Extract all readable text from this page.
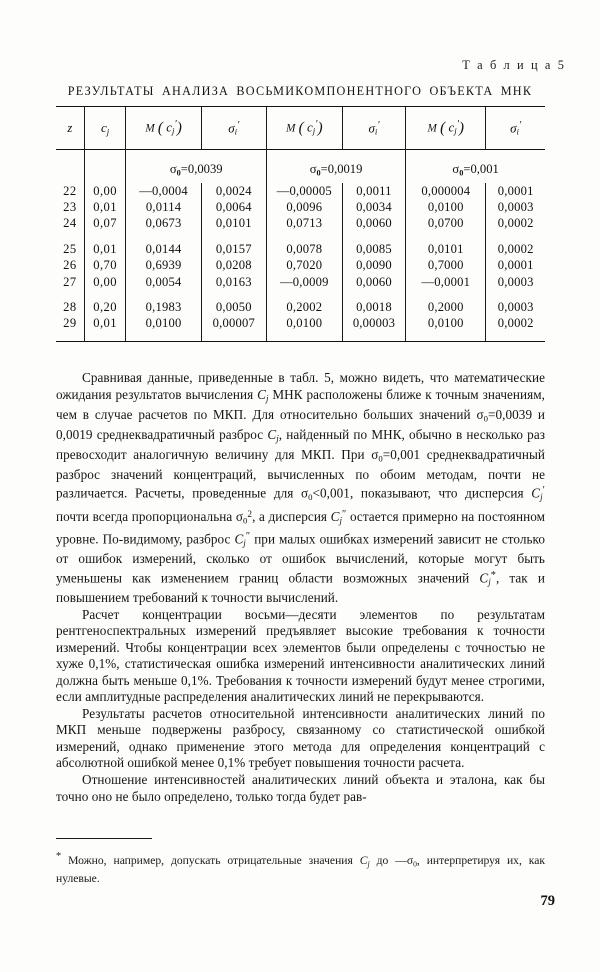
Т а б л и ц а 5
РЕЗУЛЬТАТЫ АНАЛИЗА ВОСЬМИКОМПОНЕНТНОГО ОБЪЕКТА МНК
z	$c_j$	M ( $c_j'$)	$\sigma_i'$	M ( $c_j'$)	$\sigma_i'$	M ( $c_j'$)	$\sigma_i'$
		$\sigma_0=0,0039$		$\sigma_0=0,0019$		$\sigma_0=0,001$	
22	0,00	—0,0004	0,0024	—0,00005	0,0011	0,000004	0,0001
23	0,01	0,0114	0,0064	0,0096	0,0034	0,0100	0,0003
24	0,07	0,0673	0,0101	0,0713	0,0060	0,0700	0,0002

25	0,01	0,0144	0,0157	0,0078	0,0085	0,0101	0,0002
26	0,70	0,6939	0,0208	0,7020	0,0090	0,7000	0,0001
27	0,00	0,0054	0,0163	—0,0009	0,0060	—0,0001	0,0003

28	0,20	0,1983	0,0050	0,2002	0,0018	0,2000	0,0003
29	0,01	0,0100	0,00007	0,0100	0,00003	0,0100	0,0002

Сравнивая данные, приведенные в табл. 5, можно видеть, что математические ожидания результатов вычисления $C_j$ МНК расположены ближе к точным значениям, чем в случае расчетов по МКП. Для относительно больших значений $\sigma_0=0,0039$ и 0,0019 среднеквадратичный разброс $C_j$, найденный по МНК, обычно в несколько раз превосходит аналогичную величину для МКП. При $\sigma_0=0,001$ среднеквадратичный разброс значений концентраций, вычисленных по обоим методам, почти не различается. Расчеты, проведенные для $\sigma_0<0,001$, показывают, что дисперсия $C_j'$ почти всегда пропорциональна $\sigma_0^2$, а дисперсия $C_j''$ остается примерно на постоянном уровне. По-видимому, разброс $C_j''$ при малых ошибках измерений зависит не столько от ошибок измерений, сколько от ошибок вычислений, которые могут быть уменьшены как изменением границ области возможных значений $C_j^*$, так и повышением требований к точности вычислений.

Расчет концентрации восьми—десяти элементов по результатам рентгеноспектральных измерений предъявляет высокие требования к точности измерений. Чтобы концентрации всех элементов были определены с точностью не хуже 0,1%, статистическая ошибка измерений интенсивности аналитических линий должна быть меньше 0,1%. Требования к точности измерений будут менее строгими, если амплитудные распределения аналитических линий не перекрываются.

Результаты расчетов относительной интенсивности аналитических линий по МКП меньше подвержены разбросу, связанному со статистической ошибкой измерений, однако применение этого метода для определения концентраций с абсолютной ошибкой менее 0,1% требует повышения точности расчета.

Отношение интенсивностей аналитических линий объекта и эталона, как бы точно оно не было определено, только тогда будет рав-

* Можно, например, допускать отрицательные значения $C_j$ до $—\sigma_0$, интерпретируя их, как нулевые.

79
